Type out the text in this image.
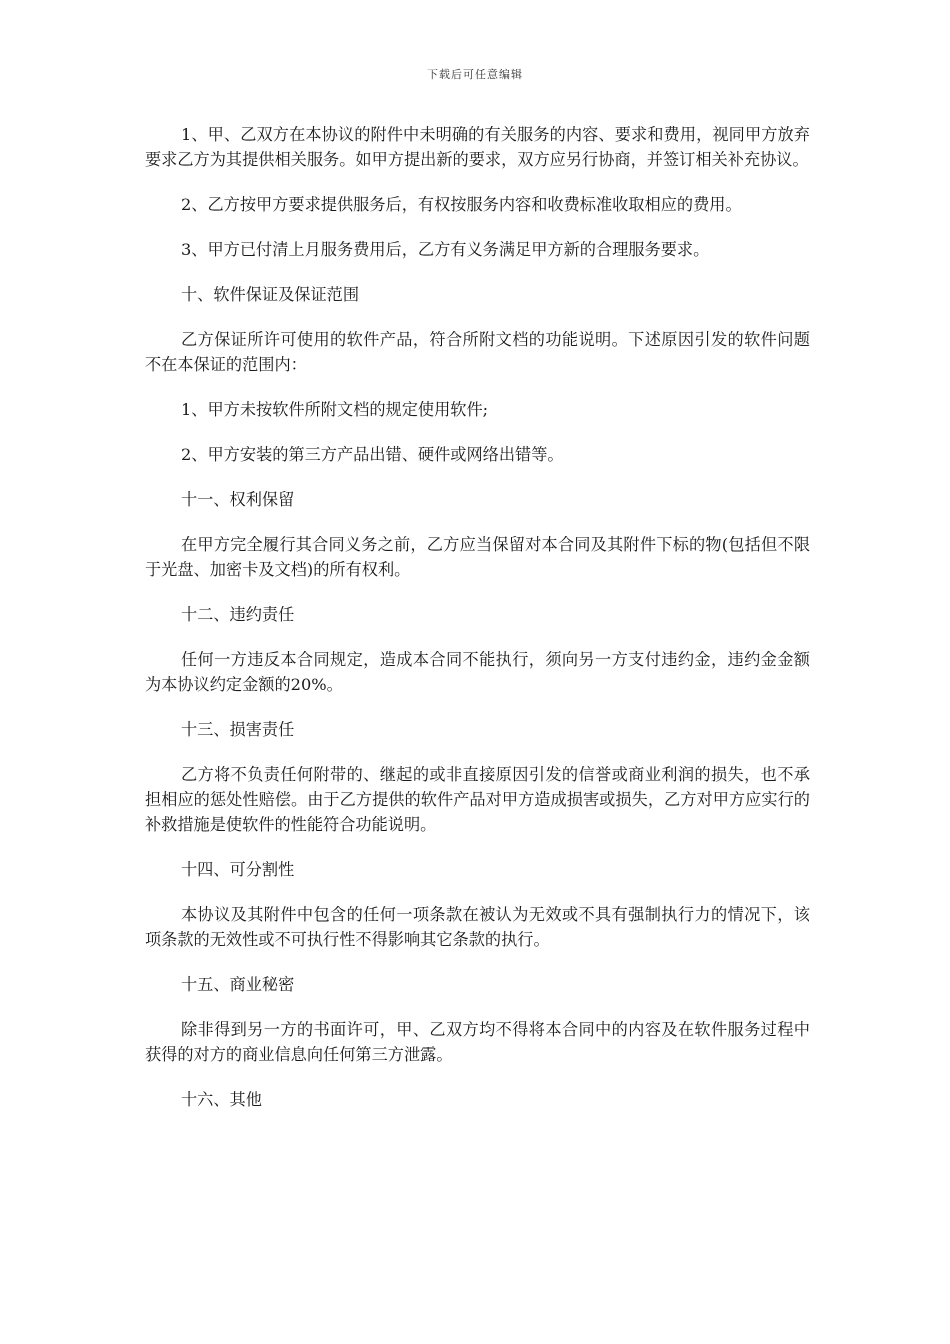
下载后可任意编辑

1、甲、乙双方在本协议的附件中未明确的有关服务的内容、要求和费用，视同甲方放弃要求乙方为其提供相关服务。如甲方提出新的要求，双方应另行协商，并签订相关补充协议。

2、乙方按甲方要求提供服务后，有权按服务内容和收费标准收取相应的费用。

3、甲方已付清上月服务费用后，乙方有义务满足甲方新的合理服务要求。

十、软件保证及保证范围

乙方保证所许可使用的软件产品，符合所附文档的功能说明。下述原因引发的软件问题不在本保证的范围内：

1、甲方未按软件所附文档的规定使用软件;

2、甲方安装的第三方产品出错、硬件或网络出错等。

十一、权利保留

在甲方完全履行其合同义务之前，乙方应当保留对本合同及其附件下标的物(包括但不限于光盘、加密卡及文档)的所有权利。

十二、违约责任

任何一方违反本合同规定，造成本合同不能执行，须向另一方支付违约金，违约金金额为本协议约定金额的20%。

十三、损害责任

乙方将不负责任何附带的、继起的或非直接原因引发的信誉或商业利润的损失，也不承担相应的惩处性赔偿。由于乙方提供的软件产品对甲方造成损害或损失，乙方对甲方应实行的补救措施是使软件的性能符合功能说明。

十四、可分割性

本协议及其附件中包含的任何一项条款在被认为无效或不具有强制执行力的情况下，该项条款的无效性或不可执行性不得影响其它条款的执行。

十五、商业秘密

除非得到另一方的书面许可，甲、乙双方均不得将本合同中的内容及在软件服务过程中获得的对方的商业信息向任何第三方泄露。

十六、其他
